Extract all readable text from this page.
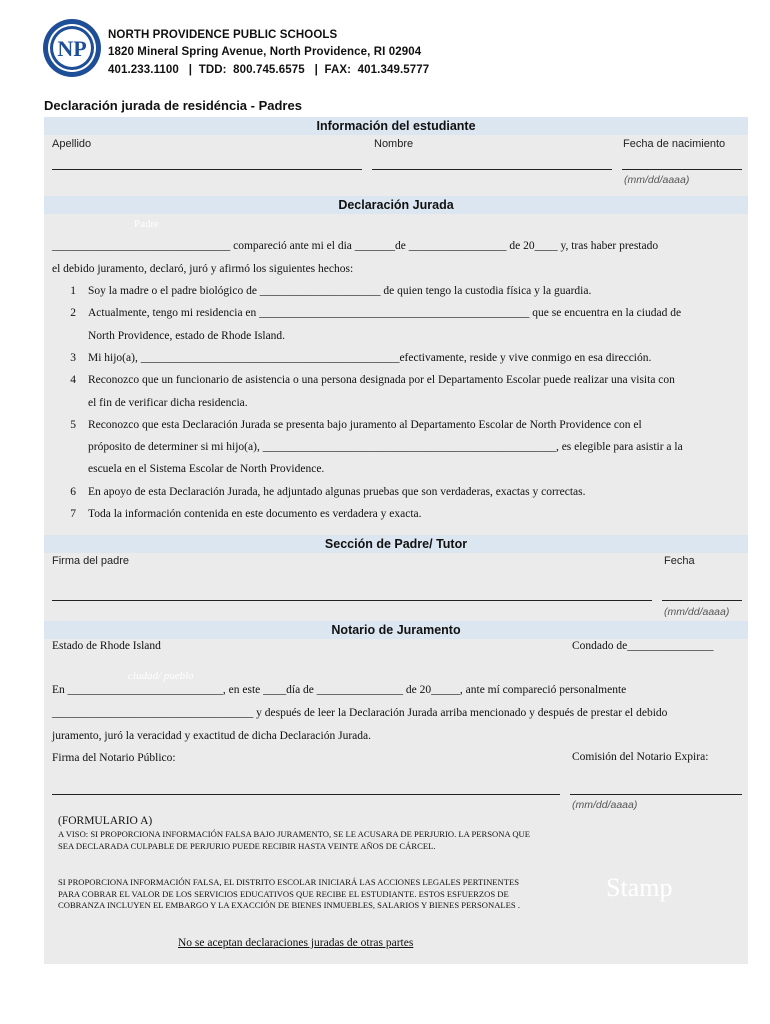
NP
NORTH PROVIDENCE PUBLIC SCHOOLS
1820 Mineral Spring Avenue, North Providence, RI 02904
401.233.1100   |  TDD:  800.745.6575   |  FAX:  401.349.5777
Declaración jurada de residéncia - Padres
Información del estudiante
Apellido	Nombre	Fecha de nacimiento
(mm/dd/aaaa)
Declaración Jurada
Padre
_______________________________ compareció ante mi el dia _______de _________________ de 20____ y, tras haber prestado
el debido juramento, declaró, juró y afirmó los siguientes hechos:
1 Soy la madre o el padre biológico de _____________________ de quien tengo la custodia física y la guardia.
2 Actualmente, tengo mi residencia en _______________________________________________ que se encuentra en la ciudad de
North Providence, estado de Rhode Island.
3 Mi hijo(a), _____________________________________________efectivamente, reside y vive conmigo en esa dirección.
4 Reconozco que un funcionario de asistencia o una persona designada por el Departamento Escolar puede realizar una visita con
el fin de verificar dicha residencia.
5 Reconozco que esta Declaración Jurada se presenta bajo juramento al Departamento Escolar de North Providence con el
próposito de determiner si mi hijo(a), ___________________________________________________, es elegible para asistir a la
escuela en el Sistema Escolar de North Providence.
6 En apoyo de esta Declaración Jurada, he adjuntado algunas pruebas que son verdaderas, exactas y correctas.
7 Toda la información contenida en este documento es verdadera y exacta.
Sección de Padre/ Tutor
Firma del padre	Fecha
(mm/dd/aaaa)
Notario de Juramento
Estado de Rhode Island	Condado de_______________
ciudad/ pueblo
En ___________________________, en este ____día de _______________ de 20_____, ante mí compareció personalmente
___________________________________ y después de leer la Declaración Jurada arriba mencionado y después de prestar el debido
juramento, juró la veracidad y exactitud de dicha Declaración Jurada.
Firma del Notario Público:	Comisión del Notario Expira:
(mm/dd/aaaa)
(FORMULARIO A)
A VISO: SI PROPORCIONA INFORMACIÓN FALSA BAJO JURAMENTO, SE LE ACUSARA DE PERJURIO. LA PERSONA QUE SEA DECLARADA CULPABLE DE PERJURIO PUEDE RECIBIR HASTA VEINTE AÑOS DE CÁRCEL.
SI PROPORCIONA INFORMACIÓN FALSA, EL DISTRITO ESCOLAR INICIARÁ LAS ACCIONES LEGALES PERTINENTES PARA COBRAR EL VALOR DE LOS SERVICIOS EDUCATIVOS QUE RECIBE EL ESTUDIANTE. ESTOS ESFUERZOS DE COBRANZA INCLUYEN EL EMBARGO Y LA EXACCIÓN DE BIENES INMUEBLES, SALARIOS Y BIENES PERSONALES .
Stamp
No se aceptan declaraciones juradas de otras partes
